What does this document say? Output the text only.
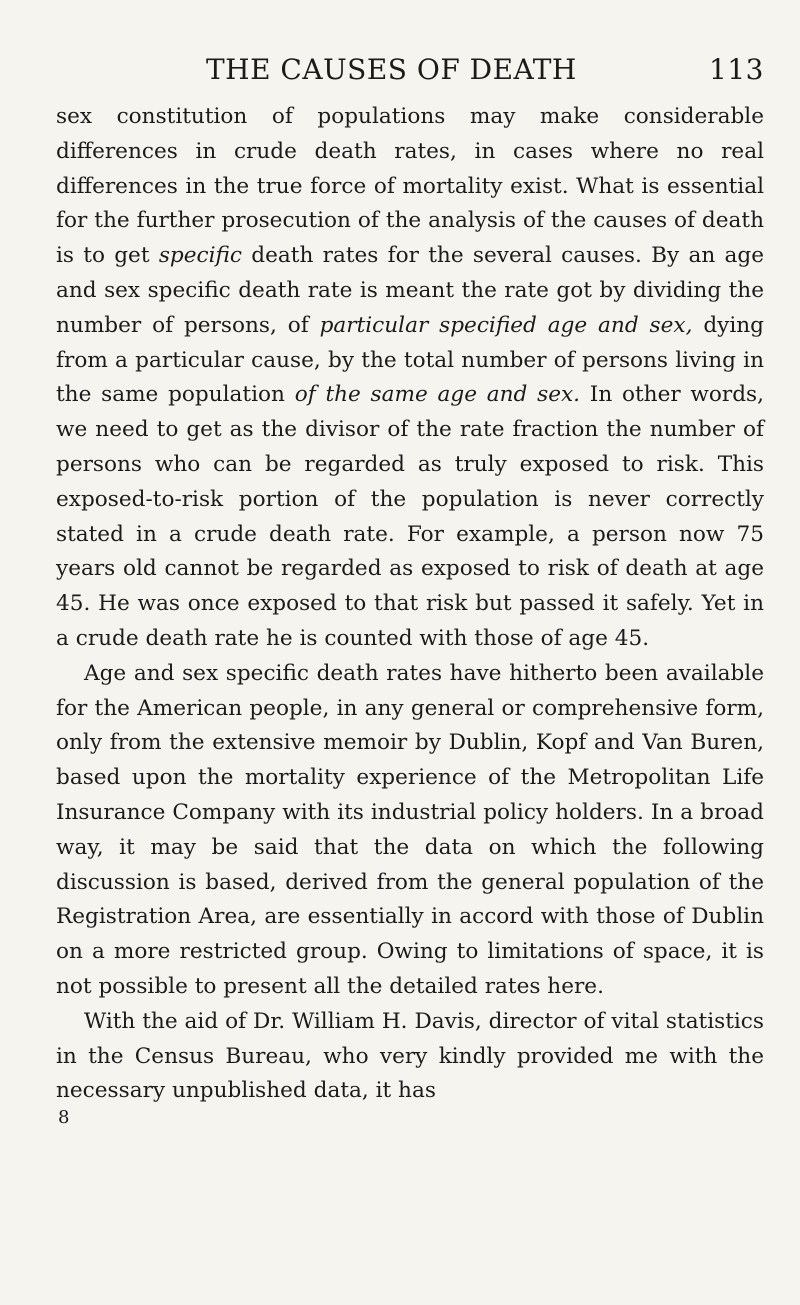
THE CAUSES OF DEATH	113

sex constitution of populations may make considerable differences in crude death rates, in cases where no real differences in the true force of mortality exist. What is essential for the further prosecution of the analysis of the causes of death is to get specific death rates for the several causes. By an age and sex specific death rate is meant the rate got by dividing the number of persons, of particular specified age and sex, dying from a particular cause, by the total number of persons living in the same population of the same age and sex. In other words, we need to get as the divisor of the rate fraction the number of persons who can be regarded as truly exposed to risk. This exposed-to-risk portion of the population is never correctly stated in a crude death rate. For example, a person now 75 years old cannot be regarded as exposed to risk of death at age 45. He was once exposed to that risk but passed it safely. Yet in a crude death rate he is counted with those of age 45.

Age and sex specific death rates have hitherto been available for the American people, in any general or comprehensive form, only from the extensive memoir by Dublin, Kopf and Van Buren, based upon the mortality experience of the Metropolitan Life Insurance Company with its industrial policy holders. In a broad way, it may be said that the data on which the following discussion is based, derived from the general population of the Registration Area, are essentially in accord with those of Dublin on a more restricted group. Owing to limitations of space, it is not possible to present all the detailed rates here.

With the aid of Dr. William H. Davis, director of vital statistics in the Census Bureau, who very kindly provided me with the necessary unpublished data, it has

8
